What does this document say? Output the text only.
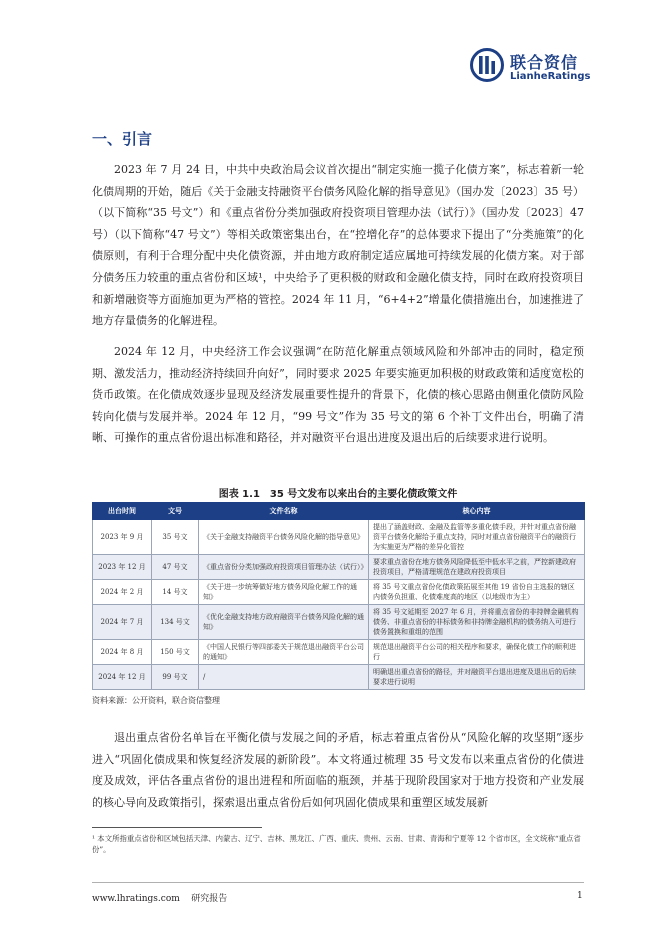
联合资信
LianheRatings
一、引言

2023 年 7 月 24 日，中共中央政治局会议首次提出“制定实施一揽子化债方案”，标志着新一轮化债周期的开始，随后《关于金融支持融资平台债务风险化解的指导意见》（国办发〔2023〕35 号）（以下简称“35 号文”）和《重点省份分类加强政府投资项目管理办法（试行）》（国办发〔2023〕47 号）（以下简称“47 号文”）等相关政策密集出台，在“控增化存”的总体要求下提出了“分类施策”的化债原则，有利于合理分配中央化债资源，并由地方政府制定适应属地可持续发展的化债方案。对于部分债务压力较重的重点省份和区域¹，中央给予了更积极的财政和金融化债支持，同时在政府投资项目和新增融资等方面施加更为严格的管控。2024 年 11 月，“6+4+2”增量化债措施出台，加速推进了地方存量债务的化解进程。

2024 年 12 月，中央经济工作会议强调“在防范化解重点领域风险和外部冲击的同时，稳定预期、激发活力，推动经济持续回升向好”，同时要求 2025 年要实施更加积极的财政政策和适度宽松的货币政策。在化债成效逐步显现及经济发展重要性提升的背景下，化债的核心思路由侧重化债防风险转向化债与发展并举。2024 年 12 月，“99 号文”作为 35 号文的第 6 个补丁文件出台，明确了清晰、可操作的重点省份退出标准和路径，并对融资平台退出进度及退出后的后续要求进行说明。

图表 1.1　35 号文发布以来出台的主要化债政策文件
出台时间	文号	文件名称	核心内容
2023 年 9 月	35 号文	《关于金融支持融资平台债务风险化解的指导意见》	提出了涵盖财政、金融及监管等多重化债手段，并针对重点省份融资平台债务化解给予重点支持，同时对重点省份融资平台的融资行为实施更为严格的差异化管控
2023 年 12 月	47 号文	《重点省份分类加强政府投资项目管理办法（试行）》	要求重点省份在地方债务风险降低至中低水平之前，严控新建政府投资项目，严格清理规范在建政府投资项目
2024 年 2 月	14 号文	《关于进一步统筹做好地方债务风险化解工作的通知》	将 35 号文重点省份化债政策拓展至其他 19 省份自主选报的辖区内债务负担重、化债难度高的地区（以地级市为主）
2024 年 7 月	134 号文	《优化金融支持地方政府融资平台债务风险化解的通知》	将 35 号文延期至 2027 年 6 月，并将重点省份的非持牌金融机构债务、非重点省份的非标债务和非持牌金融机构的债务纳入可进行债务置换和重组的范围
2024 年 8 月	150 号文	《中国人民银行等四部委关于规范退出融资平台公司的通知》	规范退出融资平台公司的相关程序和要求，确保化债工作的顺利进行
2024 年 12 月	99 号文	/	明确退出重点省份的路径，并对融资平台退出进度及退出后的后续要求进行说明
资料来源：公开资料，联合资信整理

退出重点省份名单旨在平衡化债与发展之间的矛盾，标志着重点省份从“风险化解的攻坚期”逐步进入“巩固化债成果和恢复经济发展的新阶段”。本文将通过梳理 35 号文发布以来重点省份的化债进度及成效，评估各重点省份的退出进程和所面临的瓶颈，并基于现阶段国家对于地方投资和产业发展的核心导向及政策指引，探索退出重点省份后如何巩固化债成果和重塑区域发展新

¹ 本文所指重点省份和区域包括天津、内蒙古、辽宁、吉林、黑龙江、广西、重庆、贵州、云南、甘肃、青海和宁夏等 12 个省市区，全文统称“重点省份”。

www.lhratings.com 研究报告	1
